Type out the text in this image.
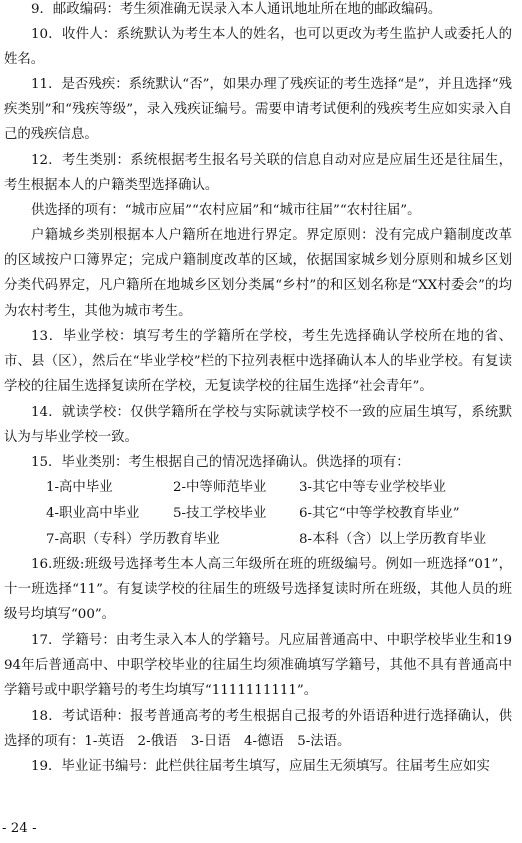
9．邮政编码：考生须准确无误录入本人通讯地址所在地的邮政编码。

10．收件人：系统默认为考生本人的姓名，也可以更改为考生监护人或委托人的姓名。

11．是否残疾：系统默认“否”，如果办理了残疾证的考生选择“是”，并且选择“残疾类别”和“残疾等级”，录入残疾证编号。需要申请考试便利的残疾考生应如实录入自己的残疾信息。

12．考生类别：系统根据考生报名号关联的信息自动对应是应届生还是往届生，考生根据本人的户籍类型选择确认。

供选择的项有：“城市应届”“农村应届”和“城市往届”“农村往届”。

户籍城乡类别根据本人户籍所在地进行界定。界定原则：没有完成户籍制度改革的区域按户口簿界定；完成户籍制度改革的区域，依据国家城乡划分原则和城乡区划分类代码界定，凡户籍所在地城乡区划分类属“乡村”的和区划名称是“XX村委会”的均为农村考生，其他为城市考生。

13．毕业学校：填写考生的学籍所在学校，考生先选择确认学校所在地的省、市、县（区），然后在“毕业学校”栏的下拉列表框中选择确认本人的毕业学校。有复读学校的往届生选择复读所在学校，无复读学校的往届生选择“社会青年”。

14．就读学校：仅供学籍所在学校与实际就读学校不一致的应届生填写，系统默认为与毕业学校一致。

15．毕业类别：考生根据自己的情况选择确认。供选择的项有：

1-高中毕业	2-中等师范毕业 3-其它中等专业学校毕业
4-职业高中毕业	5-技工学校毕业 6-其它“中等学校教育毕业”
7-高职（专科）学历教育毕业	8-本科（含）以上学历教育毕业

16.班级:班级号选择考生本人高三年级所在班的班级编号。例如一班选择“01”，十一班选择“11”。有复读学校的往届生的班级号选择复读时所在班级，其他人员的班级号均填写“00”。

17．学籍号：由考生录入本人的学籍号。凡应届普通高中、中职学校毕业生和1994年后普通高中、中职学校毕业的往届生均须准确填写学籍号，其他不具有普通高中学籍号或中职学籍号的考生均填写“1111111111”。

18．考试语种：报考普通高考的考生根据自己报考的外语语种进行选择确认，供选择的项有：1-英语　2-俄语　3-日语　4-德语　5-法语。

19．毕业证书编号：此栏供往届考生填写，应届生无须填写。往届考生应如实

- 24 -
